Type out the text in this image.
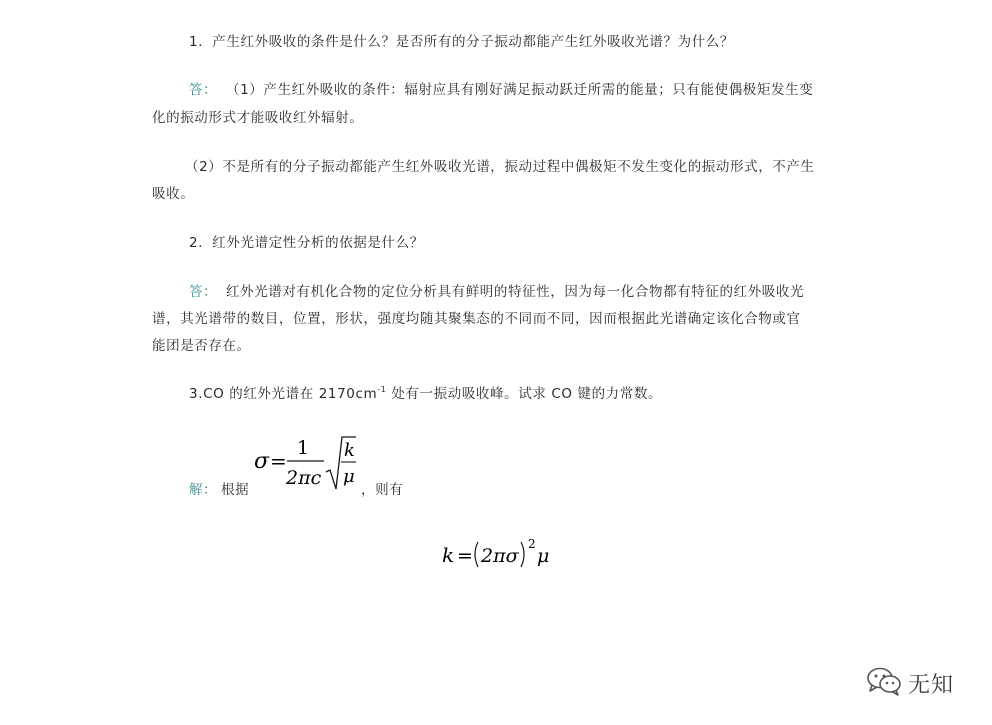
1．产生红外吸收的条件是什么？是否所有的分子振动都能产生红外吸收光谱？为什么？
答： （1）产生红外吸收的条件：辐射应具有刚好满足振动跃迁所需的能量；只有能使偶极矩发生变
化的振动形式才能吸收红外辐射。
（2）不是所有的分子振动都能产生红外吸收光谱，振动过程中偶极矩不发生变化的振动形式，不产生
吸收。
2．红外光谱定性分析的依据是什么？
答： 红外光谱对有机化合物的定位分析具有鲜明的特征性，因为每一化合物都有特征的红外吸收光
谱，其光谱带的数目，位置，形状，强度均随其聚集态的不同而不同，因而根据此光谱确定该化合物或官
能团是否存在。
3.CO 的红外光谱在 $2170cm^{-1}$ 处有一振动吸收峰。试求 CO 键的力常数。
解： 根据
σ =
1
2πc
k
μ
，则有
k = 2πσ
2
μ
无知
